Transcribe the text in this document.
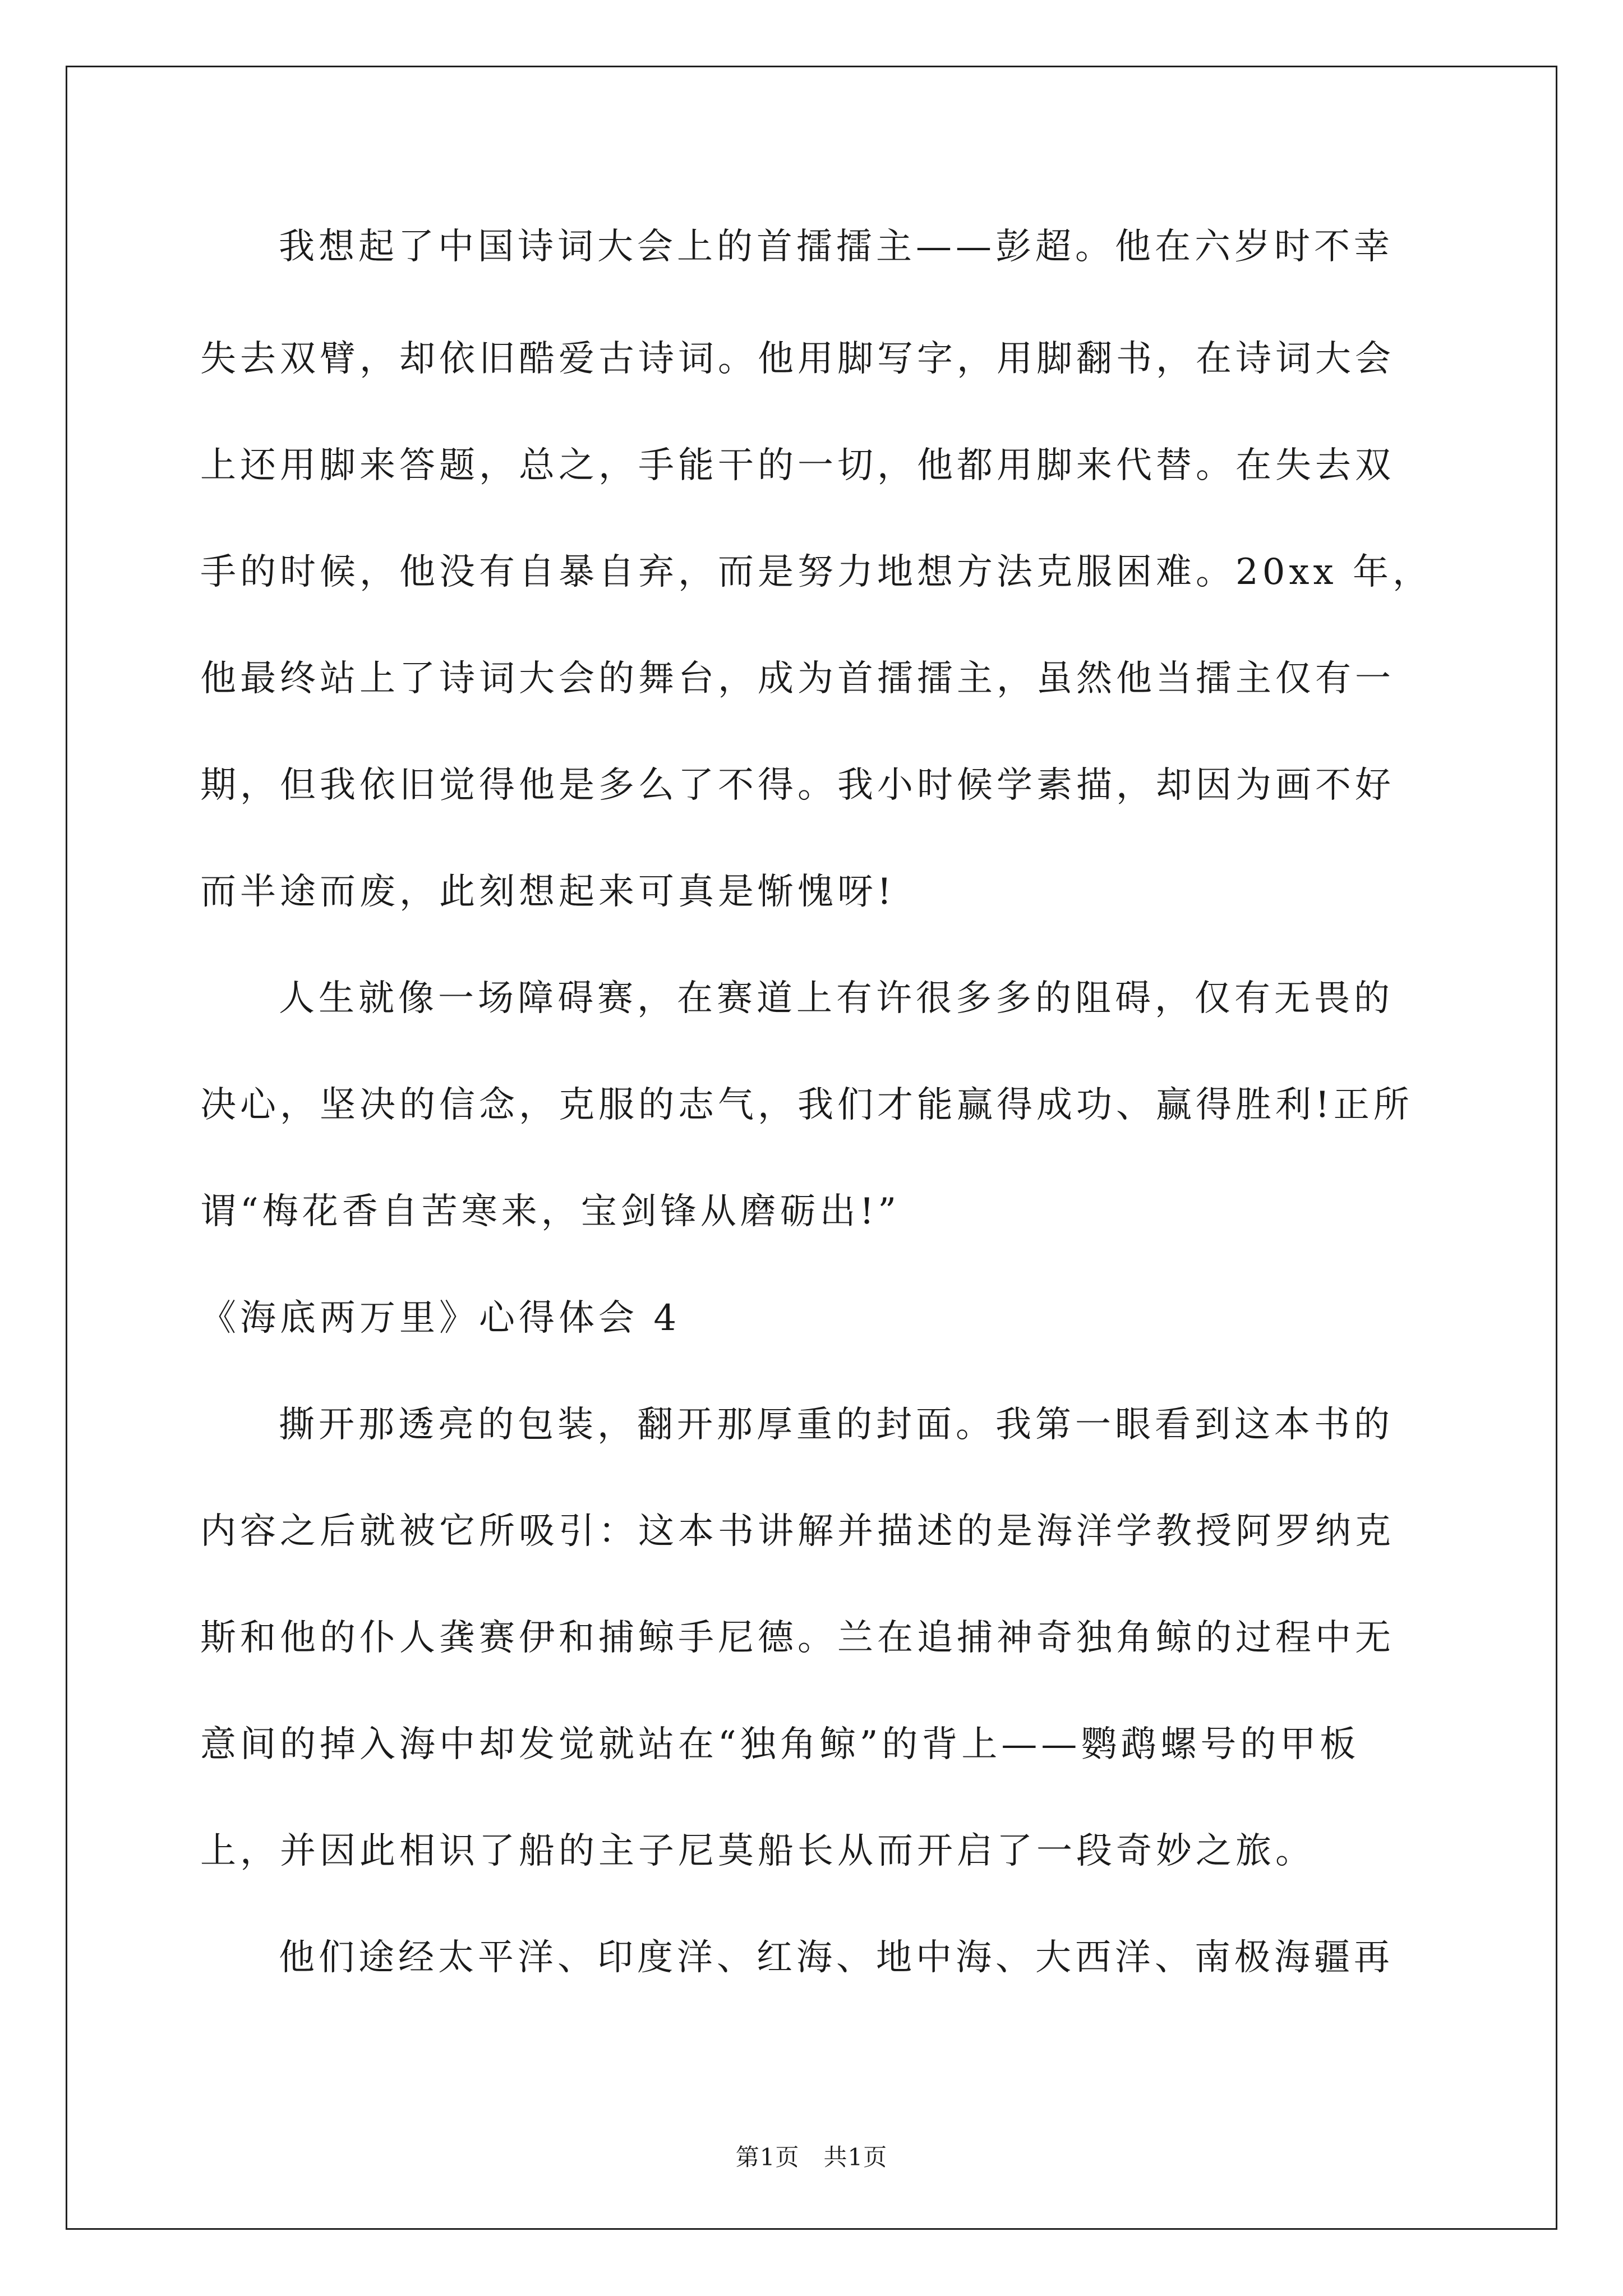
我想起了中国诗词大会上的首擂擂主——彭超。他在六岁时不幸
失去双臂，却依旧酷爱古诗词。他用脚写字，用脚翻书，在诗词大会
上还用脚来答题，总之，手能干的一切，他都用脚来代替。在失去双
手的时候，他没有自暴自弃，而是努力地想方法克服困难。20xx 年，
他最终站上了诗词大会的舞台，成为首擂擂主，虽然他当擂主仅有一
期，但我依旧觉得他是多么了不得。我小时候学素描，却因为画不好
而半途而废，此刻想起来可真是惭愧呀!
人生就像一场障碍赛，在赛道上有许很多多的阻碍，仅有无畏的
决心，坚决的信念，克服的志气，我们才能赢得成功、赢得胜利!正所
谓“梅花香自苦寒来，宝剑锋从磨砺出!”
《海底两万里》心得体会 4
撕开那透亮的包装，翻开那厚重的封面。我第一眼看到这本书的
内容之后就被它所吸引：这本书讲解并描述的是海洋学教授阿罗纳克
斯和他的仆人龚赛伊和捕鲸手尼德。兰在追捕神奇独角鲸的过程中无
意间的掉入海中却发觉就站在“独角鲸”的背上——鹦鹉螺号的甲板
上，并因此相识了船的主子尼莫船长从而开启了一段奇妙之旅。
他们途经太平洋、印度洋、红海、地中海、大西洋、南极海疆再
第1页　共1页
